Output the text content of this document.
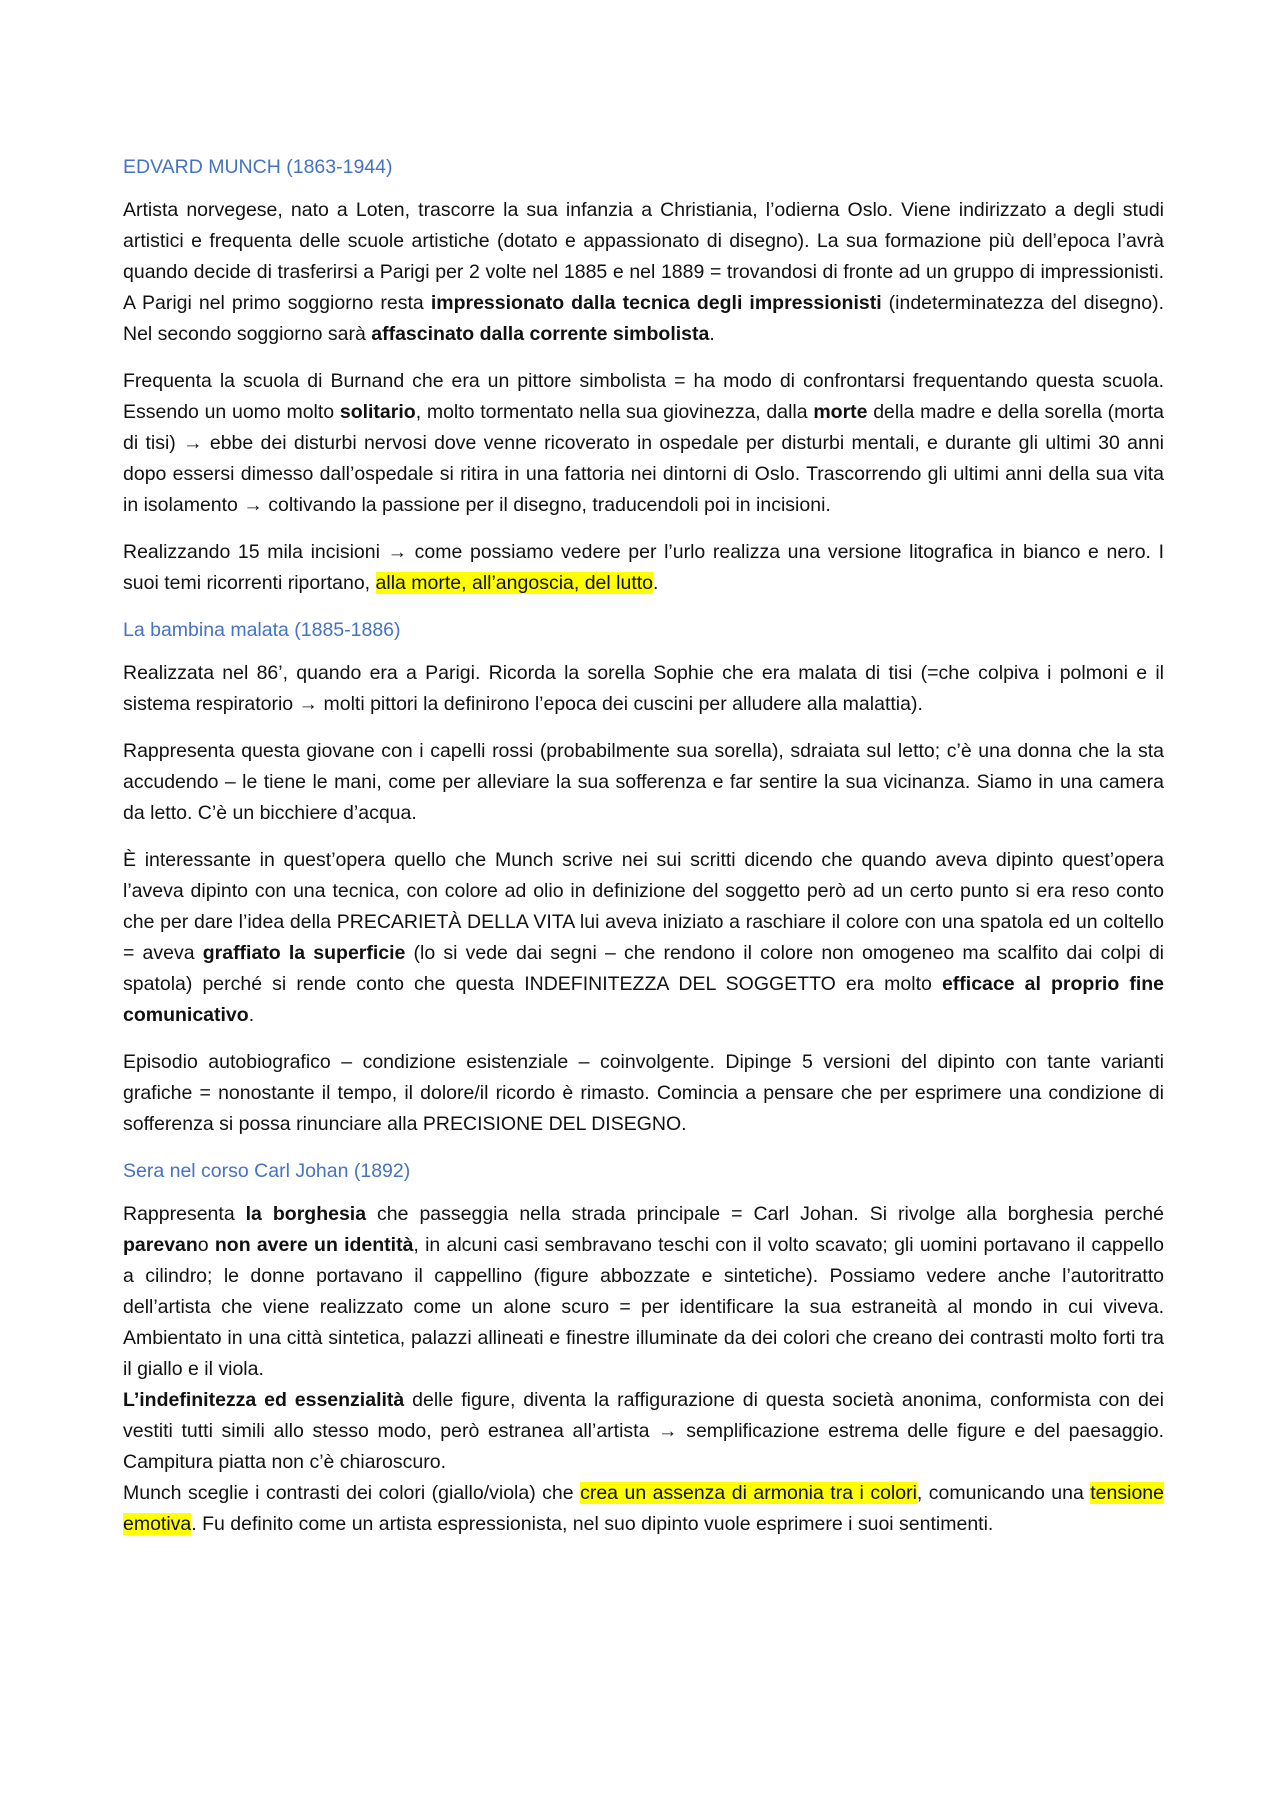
EDVARD MUNCH (1863-1944)
Artista norvegese, nato a Loten, trascorre la sua infanzia a Christiania, l’odierna Oslo. Viene indirizzato a degli studi artistici e frequenta delle scuole artistiche (dotato e appassionato di disegno). La sua formazione più dell’epoca l’avrà quando decide di trasferirsi a Parigi per 2 volte nel 1885 e nel 1889 = trovandosi di fronte ad un gruppo di impressionisti. A Parigi nel primo soggiorno resta impressionato dalla tecnica degli impressionisti (indeterminatezza del disegno). Nel secondo soggiorno sarà affascinato dalla corrente simbolista.
Frequenta la scuola di Burnand che era un pittore simbolista = ha modo di confrontarsi frequentando questa scuola. Essendo un uomo molto solitario, molto tormentato nella sua giovinezza, dalla morte della madre e della sorella (morta di tisi) → ebbe dei disturbi nervosi dove venne ricoverato in ospedale per disturbi mentali, e durante gli ultimi 30 anni dopo essersi dimesso dall’ospedale si ritira in una fattoria nei dintorni di Oslo. Trascorrendo gli ultimi anni della sua vita in isolamento → coltivando la passione per il disegno, traducendoli poi in incisioni.
Realizzando 15 mila incisioni → come possiamo vedere per l’urlo realizza una versione litografica in bianco e nero. I suoi temi ricorrenti riportano, alla morte, all’angoscia, del lutto.
La bambina malata (1885-1886)
Realizzata nel 86’, quando era a Parigi. Ricorda la sorella Sophie che era malata di tisi (=che colpiva i polmoni e il sistema respiratorio → molti pittori la definirono l’epoca dei cuscini per alludere alla malattia).
Rappresenta questa giovane con i capelli rossi (probabilmente sua sorella), sdraiata sul letto; c’è una donna che la sta accudendo – le tiene le mani, come per alleviare la sua sofferenza e far sentire la sua vicinanza. Siamo in una camera da letto. C’è un bicchiere d’acqua.
È interessante in quest’opera quello che Munch scrive nei sui scritti dicendo che quando aveva dipinto quest’opera l’aveva dipinto con una tecnica, con colore ad olio in definizione del soggetto però ad un certo punto si era reso conto che per dare l’idea della PRECARIETÀ DELLA VITA lui aveva iniziato a raschiare il colore con una spatola ed un coltello = aveva graffiato la superficie (lo si vede dai segni – che rendono il colore non omogeneo ma scalfito dai colpi di spatola) perché si rende conto che questa INDEFINITEZZA DEL SOGGETTO era molto efficace al proprio fine comunicativo.
Episodio autobiografico – condizione esistenziale – coinvolgente. Dipinge 5 versioni del dipinto con tante varianti grafiche = nonostante il tempo, il dolore/il ricordo è rimasto. Comincia a pensare che per esprimere una condizione di sofferenza si possa rinunciare alla PRECISIONE DEL DISEGNO.
Sera nel corso Carl Johan (1892)
Rappresenta la borghesia che passeggia nella strada principale = Carl Johan. Si rivolge alla borghesia perché parevano non avere un identità, in alcuni casi sembravano teschi con il volto scavato; gli uomini portavano il cappello a cilindro; le donne portavano il cappellino (figure abbozzate e sintetiche). Possiamo vedere anche l’autoritratto dell’artista che viene realizzato come un alone scuro = per identificare la sua estraneità al mondo in cui viveva. Ambientato in una città sintetica, palazzi allineati e finestre illuminate da dei colori che creano dei contrasti molto forti tra il giallo e il viola.
L’indefinitezza ed essenzialità delle figure, diventa la raffigurazione di questa società anonima, conformista con dei vestiti tutti simili allo stesso modo, però estranea all’artista → semplificazione estrema delle figure e del paesaggio. Campitura piatta non c’è chiaroscuro.
Munch sceglie i contrasti dei colori (giallo/viola) che crea un assenza di armonia tra i colori, comunicando una tensione emotiva. Fu definito come un artista espressionista, nel suo dipinto vuole esprimere i suoi sentimenti.
